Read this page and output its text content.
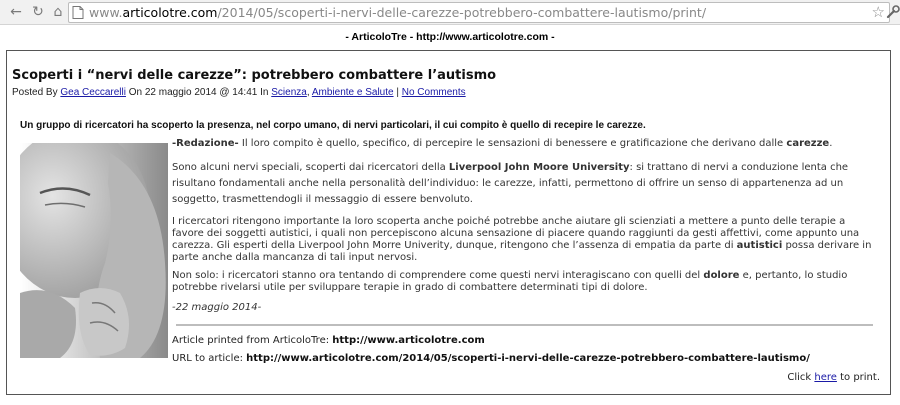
← ↻ ⌂	www.articolotre.com/2014/05/scoperti-i-nervi-delle-carezze-potrebbero-combattere-lautismo/print/	☆
- ArticoloTre - http://www.articolotre.com -
Scoperti i “nervi delle carezze”: potrebbero combattere l’autismo
Posted By Gea Ceccarelli On 22 maggio 2014 @ 14:41 In Scienza, Ambiente e Salute | No Comments
Un gruppo di ricercatori ha scoperto la presenza, nel corpo umano, di nervi particolari, il cui compito è quello di recepire le carezze.

-Redazione- Il loro compito è quello, specifico, di percepire le sensazioni di benessere e gratificazione che derivano dalle carezze.

Sono alcuni nervi speciali, scoperti dai ricercatori della Liverpool John Moore University: si trattano di nervi a conduzione lenta che risultano fondamentali anche nella personalità dell’individuo: le carezze, infatti, permettono di offrire un senso di appartenenza ad un soggetto, trasmettendogli il messaggio di essere benvoluto.

I ricercatori ritengono importante la loro scoperta anche poiché potrebbe anche aiutare gli scienziati a mettere a punto delle terapie a favore dei soggetti autistici, i quali non percepiscono alcuna sensazione di piacere quando raggiunti da gesti affettivi, come appunto una carezza. Gli esperti della Liverpool John Morre Univerity, dunque, ritengono che l’assenza di empatia da parte di autistici possa derivare in parte anche dalla mancanza di tali input nervosi.

Non solo: i ricercatori stanno ora tentando di comprendere come questi nervi interagiscano con quelli del dolore e, pertanto, lo studio potrebbe rivelarsi utile per sviluppare terapie in grado di combattere determinati tipi di dolore.

-22 maggio 2014-

Article printed from ArticoloTre: http://www.articolotre.com
URL to article: http://www.articolotre.com/2014/05/scoperti-i-nervi-delle-carezze-potrebbero-combattere-lautismo/
Click here to print.
